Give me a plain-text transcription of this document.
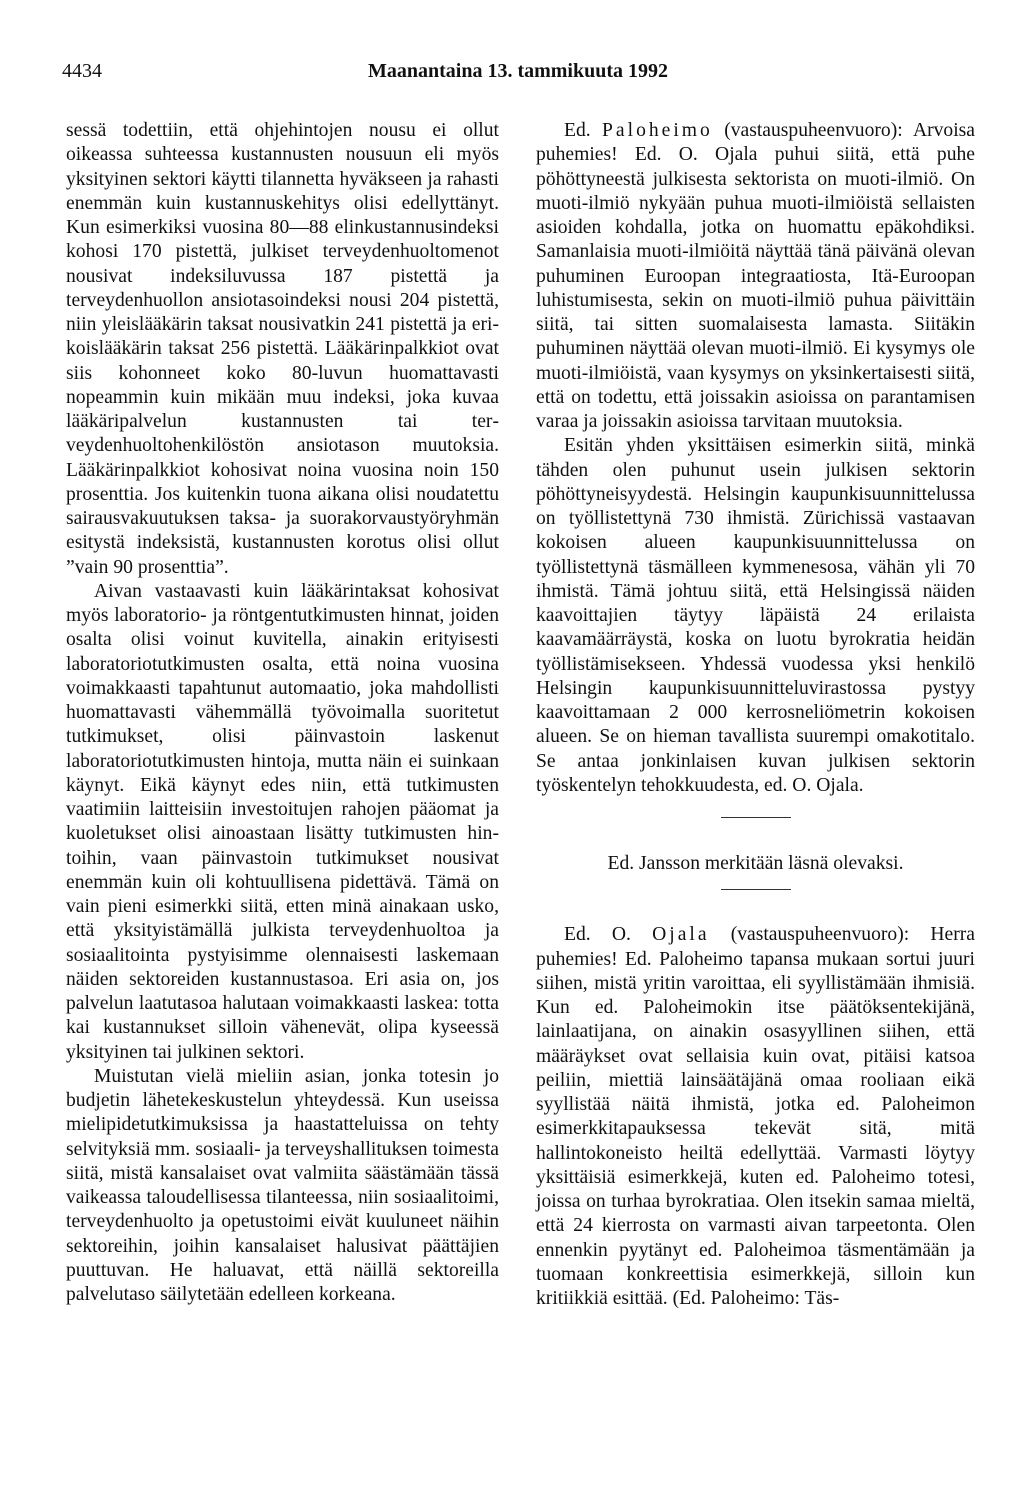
4434	Maanantaina 13. tammikuuta 1992

sessä todettiin, että ohjehintojen nousu ei ollut oikeassa suhteessa kustannusten nousuun eli myös yksityinen sektori käytti tilannetta hyväkseen ja rahasti enemmän kuin kustannuskehitys olisi edellyttänyt. Kun esimerkiksi vuosina 80—88 elinkustannusindeksi kohosi 170 pistettä, julkiset terveydenhuoltomenot nousivat indeksiluvussa 187 pistettä ja terveydenhuollon ansiotasoindeksi nousi 204 pistettä, niin yleislääkärin taksat nousivatkin 241 pistettä ja erikoislääkärin taksat 256 pistettä. Lääkärinpalkkiot ovat siis kohonneet koko 80-luvun huomattavasti nopeammin kuin mikään muu indeksi, joka kuvaa lääkäripalvelun kustannusten tai terveydenhuoltohenkilöstön ansiotason muutoksia. Lääkärinpalkkiot kohosivat noina vuosina noin 150 prosenttia. Jos kuitenkin tuona aikana olisi noudatettu sairausvakuutuksen taksa- ja suorakorvaustyöryhmän esitystä indeksistä, kustannusten korotus olisi ollut ”vain 90 prosenttia”.

Aivan vastaavasti kuin lääkärintaksat kohosivat myös laboratorio- ja röntgentutkimusten hinnat, joiden osalta olisi voinut kuvitella, ainakin erityisesti laboratoriotutkimusten osalta, että noina vuosina voimakkaasti tapahtunut automaatio, joka mahdollisti huomattavasti vähemmällä työvoimalla suoritetut tutkimukset, olisi päinvastoin laskenut laboratoriotutkimusten hintoja, mutta näin ei suinkaan käynyt. Eikä käynyt edes niin, että tutkimusten vaatimiin laitteisiin investoitujen rahojen pääomat ja kuoletukset olisi ainoastaan lisätty tutkimusten hintoihin, vaan päinvastoin tutkimukset nousivat enemmän kuin oli kohtuullisena pidettävä. Tämä on vain pieni esimerkki siitä, etten minä ainakaan usko, että yksityistämällä julkista terveydenhuoltoa ja sosiaalitointa pystyisimme olennaisesti laskemaan näiden sektoreiden kustannustasoa. Eri asia on, jos palvelun laatutasoa halutaan voimakkaasti laskea: totta kai kustannukset silloin vähenevät, olipa kyseessä yksityinen tai julkinen sektori.

Muistutan vielä mieliin asian, jonka totesin jo budjetin lähetekeskustelun yhteydessä. Kun useissa mielipidetutkimuksissa ja haastatteluissa on tehty selvityksiä mm. sosiaali- ja terveyshallituksen toimesta siitä, mistä kansalaiset ovat valmiita säästämään tässä vaikeassa taloudellisessa tilanteessa, niin sosiaalitoimi, terveydenhuolto ja opetustoimi eivät kuuluneet näihin sektoreihin, joihin kansalaiset halusivat päättäjien puuttuvan. He haluavat, että näillä sektoreilla palvelutaso säilytetään edelleen korkeana.

Ed. Paloheimo (vastauspuheenvuoro): Arvoisa puhemies! Ed. O. Ojala puhui siitä, että puhe pöhöttyneestä julkisesta sektorista on muoti-ilmiö. On muoti-ilmiö nykyään puhua muoti-ilmiöistä sellaisten asioiden kohdalla, jotka on huomattu epäkohdiksi. Samanlaisia muoti-ilmiöitä näyttää tänä päivänä olevan puhuminen Euroopan integraatiosta, Itä-Euroopan luhistumisesta, sekin on muoti-ilmiö puhua päivittäin siitä, tai sitten suomalaisesta lamasta. Siitäkin puhuminen näyttää olevan muoti-ilmiö. Ei kysymys ole muoti-ilmiöistä, vaan kysymys on yksinkertaisesti siitä, että on todettu, että joissakin asioissa on parantamisen varaa ja joissakin asioissa tarvitaan muutoksia.

Esitän yhden yksittäisen esimerkin siitä, minkä tähden olen puhunut usein julkisen sektorin pöhöttyneisyydestä. Helsingin kaupunkisuunnittelussa on työllistettynä 730 ihmistä. Zürichissä vastaavan kokoisen alueen kaupunkisuunnittelussa on työllistettynä täsmälleen kymmenesosa, vähän yli 70 ihmistä. Tämä johtuu siitä, että Helsingissä näiden kaavoittajien täytyy läpäistä 24 erilaista kaavamäärräystä, koska on luotu byrokratia heidän työllistämisekseen. Yhdessä vuodessa yksi henkilö Helsingin kaupunkisuunnitteluvirastossa pystyy kaavoittamaan 2 000 kerrosneliömetrin kokoisen alueen. Se on hieman tavallista suurempi omakotitalo. Se antaa jonkinlaisen kuvan julkisen sektorin työskentelyn tehokkuudesta, ed. O. Ojala.

Ed. Jansson merkitään läsnä olevaksi.

Ed. O. Ojala (vastauspuheenvuoro): Herra puhemies! Ed. Paloheimo tapansa mukaan sortui juuri siihen, mistä yritin varoittaa, eli syyllistämään ihmisiä. Kun ed. Paloheimokin itse päätöksentekijänä, lainlaatijana, on ainakin osasyyllinen siihen, että määräykset ovat sellaisia kuin ovat, pitäisi katsoa peiliin, miettiä lainsäätäjänä omaa rooliaan eikä syyllistää näitä ihmistä, jotka ed. Paloheimon esimerkkitapauksessa tekevät sitä, mitä hallintokoneisto heiltä edellyttää. Varmasti löytyy yksittäisiä esimerkkejä, kuten ed. Paloheimo totesi, joissa on turhaa byrokratiaa. Olen itsekin samaa mieltä, että 24 kierrosta on varmasti aivan tarpeetonta. Olen ennenkin pyytänyt ed. Paloheimoa täsmentämään ja tuomaan konkreettisia esimerkkejä, silloin kun kritiikkiä esittää. (Ed. Paloheimo: Täs-
